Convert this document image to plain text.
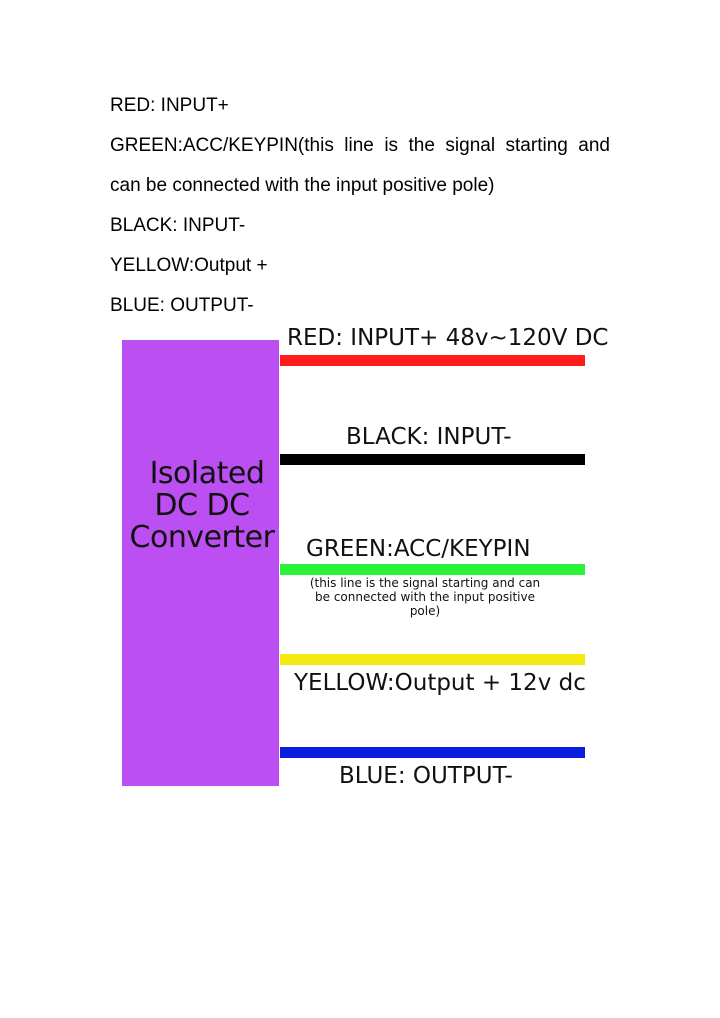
RED: INPUT+

GREEN:ACC/KEYPIN(this line is the signal starting and

can be connected with the input positive pole)

BLACK: INPUT-

YELLOW:Output +

BLUE: OUTPUT-

Isolated
DC DC
Converter
RED: INPUT+ 48v~120V DC
BLACK: INPUT-
GREEN:ACC/KEYPIN
(this line is the signal starting and can be connected with the input positive pole)
YELLOW:Output + 12v dc
BLUE: OUTPUT-
